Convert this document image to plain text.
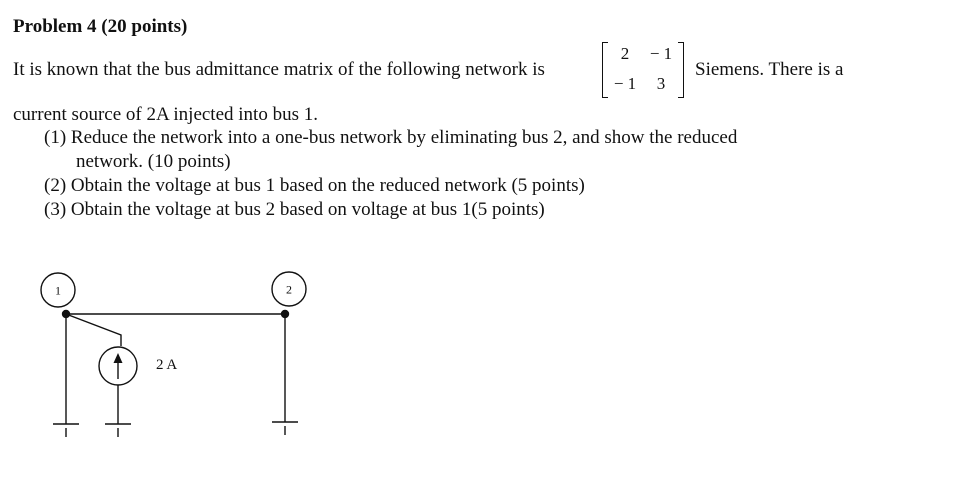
Problem 4 (20 points)
It is known that the bus admittance matrix of the following network is
2	− 1
− 1	3
Siemens. There is a
current source of 2A injected into bus 1.
(1) Reduce the network into a one-bus network by eliminating bus 2, and show the reduced
network. (10 points)
(2) Obtain the voltage at bus 1 based on the reduced network (5 points)
(3) Obtain the voltage at bus 2 based on voltage at bus 1(5 points)
1	2
2 A
